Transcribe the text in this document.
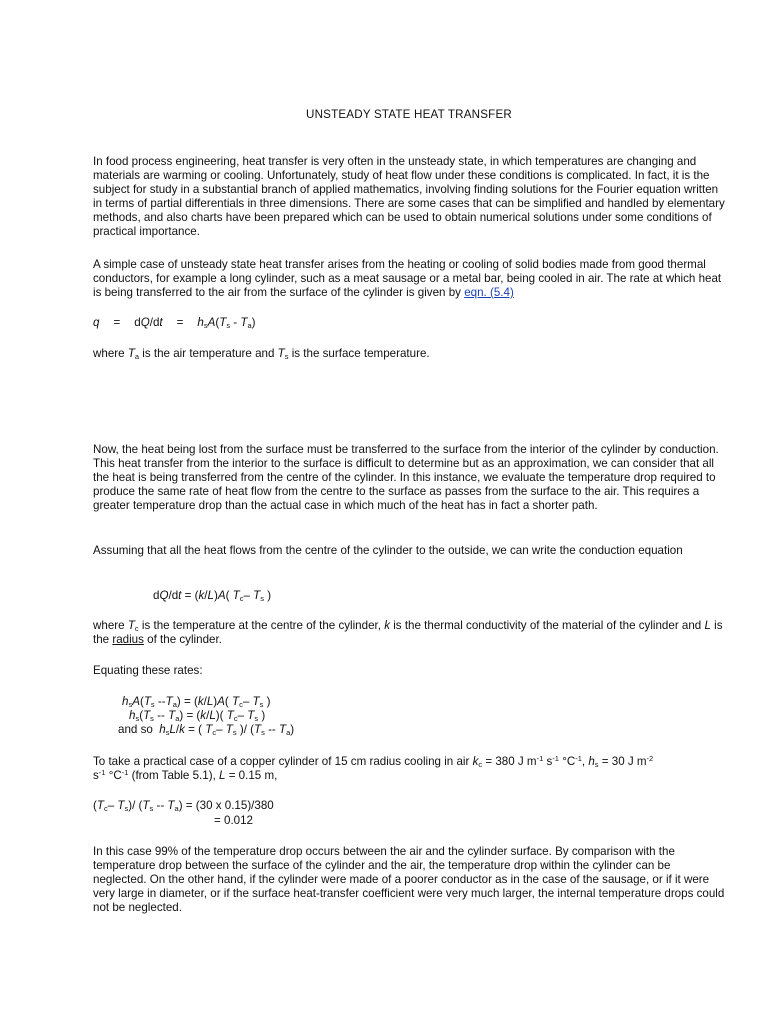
UNSTEADY STATE HEAT TRANSFER

In food process engineering, heat transfer is very often in the unsteady state, in which temperatures are changing and materials are warming or cooling. Unfortunately, study of heat flow under these conditions is complicated. In fact, it is the subject for study in a substantial branch of applied mathematics, involving finding solutions for the Fourier equation written in terms of partial differentials in three dimensions. There are some cases that can be simplified and handled by elementary methods, and also charts have been prepared which can be used to obtain numerical solutions under some conditions of practical importance.

A simple case of unsteady state heat transfer arises from the heating or cooling of solid bodies made from good thermal conductors, for example a long cylinder, such as a meat sausage or a metal bar, being cooled in air. The rate at which heat is being transferred to the air from the surface of the cylinder is given by eqn. (5.4)

$q = dQ/dt = h_sA(T_s - T_a)$

where $T_a$ is the air temperature and $T_s$ is the surface temperature.

Now, the heat being lost from the surface must be transferred to the surface from the interior of the cylinder by conduction. This heat transfer from the interior to the surface is difficult to determine but as an approximation, we can consider that all the heat is being transferred from the centre of the cylinder. In this instance, we evaluate the temperature drop required to produce the same rate of heat flow from the centre to the surface as passes from the surface to the air. This requires a greater temperature drop than the actual case in which much of the heat has in fact a shorter path.

Assuming that all the heat flows from the centre of the cylinder to the outside, we can write the conduction equation

dQ/dt = (k/L)A( $T_c-$ $T_s$ )

where $T_c$ is the temperature at the centre of the cylinder, k is the thermal conductivity of the material of the cylinder and L is the radius of the cylinder.

Equating these rates:

$h_sA(T_s$ $--T_a) = (k/L)A$( $T_c-$ $T_s$ )
$h_s(T_s -- T_a) = (k/L)$( $T_c-$ $T_s$ )
and so  $h_sL/k$ = ( $T_c-$ $T_s$ )/ $(T_s -- T_a)$

To take a practical case of a copper cylinder of 15 cm radius cooling in air $k_c = 380$ J $m^{-1}$ $s^{-1}$ $^\circ C^{-1}$, $h_s = 30$ J $m^{-2}$
$s^{-1}$ $^\circ C^{-1}$ (from Table 5.1), L = 0.15 m,

($T_c-$ $T_s)/$ $(T_s -- T_a) = (30$ x 0.15)/380
= 0.012

In this case 99% of the temperature drop occurs between the air and the cylinder surface. By comparison with the temperature drop between the surface of the cylinder and the air, the temperature drop within the cylinder can be neglected. On the other hand, if the cylinder were made of a poorer conductor as in the case of the sausage, or if it were very large in diameter, or if the surface heat-transfer coefficient were very much larger, the internal temperature drops could not be neglected.
